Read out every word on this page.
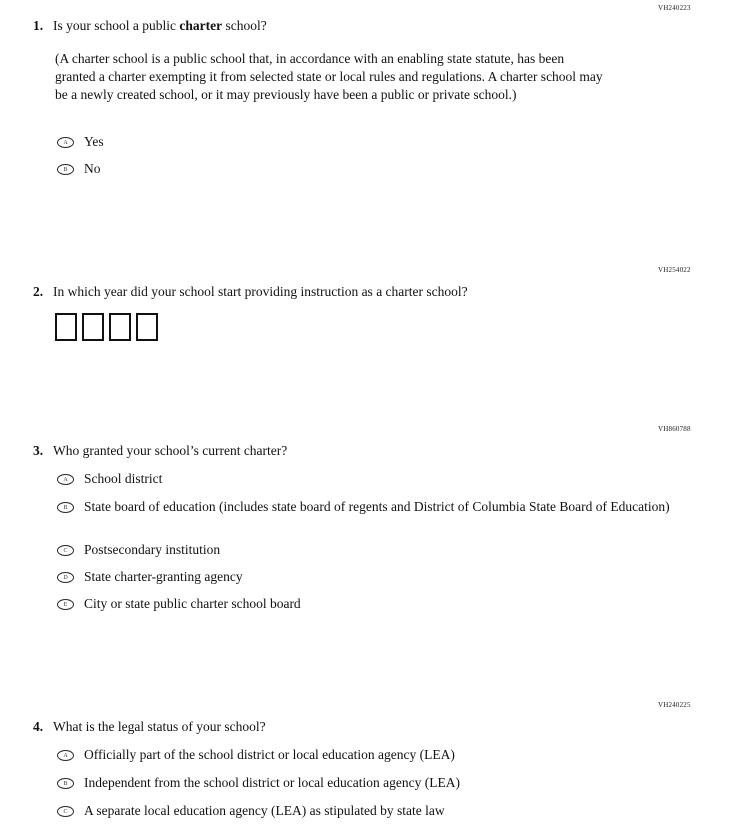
VH240223
1. Is your school a public charter school?
(A charter school is a public school that, in accordance with an enabling state statute, has been granted a charter exempting it from selected state or local rules and regulations. A charter school may be a newly created school, or it may previously have been a public or private school.)
A	Yes
B	No
VH254022
2. In which year did your school start providing instruction as a charter school?
VH860788
3. Who granted your school’s current charter?
A	School district
B	State board of education (includes state board of regents and District of Columbia State Board of Education)
C	Postsecondary institution
D	State charter-granting agency
E	City or state public charter school board
VH240225
4. What is the legal status of your school?
A	Officially part of the school district or local education agency (LEA)
B	Independent from the school district or local education agency (LEA)
C	A separate local education agency (LEA) as stipulated by state law
